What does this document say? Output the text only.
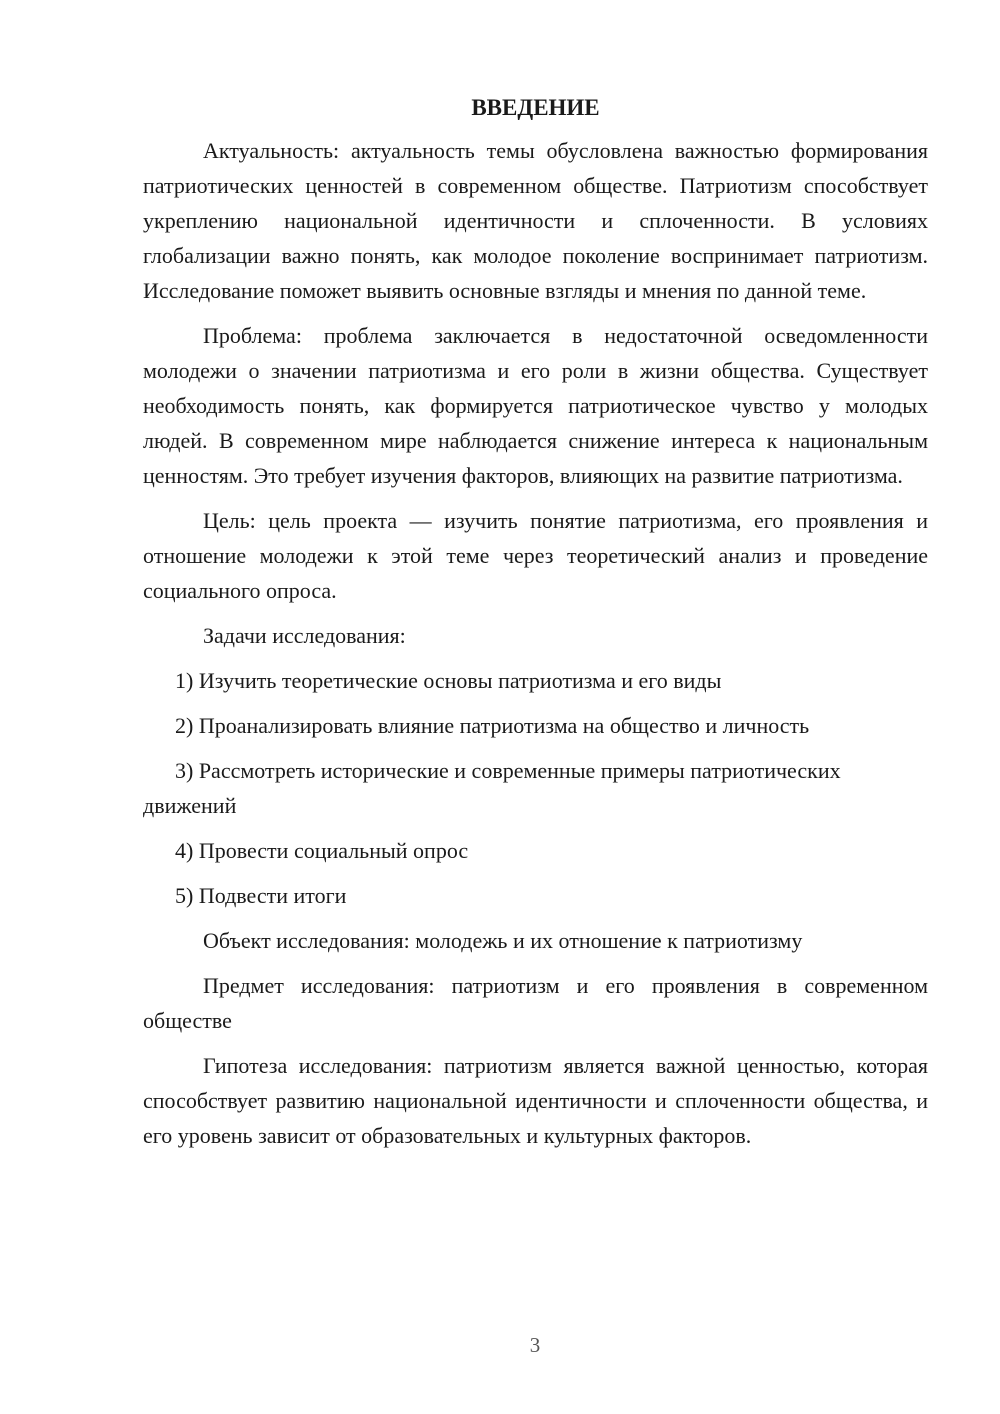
ВВЕДЕНИЕ

Актуальность: актуальность темы обусловлена важностью формирования патриотических ценностей в современном обществе. Патриотизм способствует укреплению национальной идентичности и сплоченности. В условиях глобализации важно понять, как молодое поколение воспринимает патриотизм. Исследование поможет выявить основные взгляды и мнения по данной теме.

Проблема: проблема заключается в недостаточной осведомленности молодежи о значении патриотизма и его роли в жизни общества. Существует необходимость понять, как формируется патриотическое чувство у молодых людей. В современном мире наблюдается снижение интереса к национальным ценностям. Это требует изучения факторов, влияющих на развитие патриотизма.

Цель: цель проекта — изучить понятие патриотизма, его проявления и отношение молодежи к этой теме через теоретический анализ и проведение социального опроса.

Задачи исследования:

1) Изучить теоретические основы патриотизма и его виды

2) Проанализировать влияние патриотизма на общество и личность

3) Рассмотреть исторические и современные примеры патриотических движений

4) Провести социальный опрос

5) Подвести итоги

Объект исследования: молодежь и их отношение к патриотизму

Предмет исследования: патриотизм и его проявления в современном обществе

Гипотеза исследования: патриотизм является важной ценностью, которая способствует развитию национальной идентичности и сплоченности общества, и его уровень зависит от образовательных и культурных факторов.

3
